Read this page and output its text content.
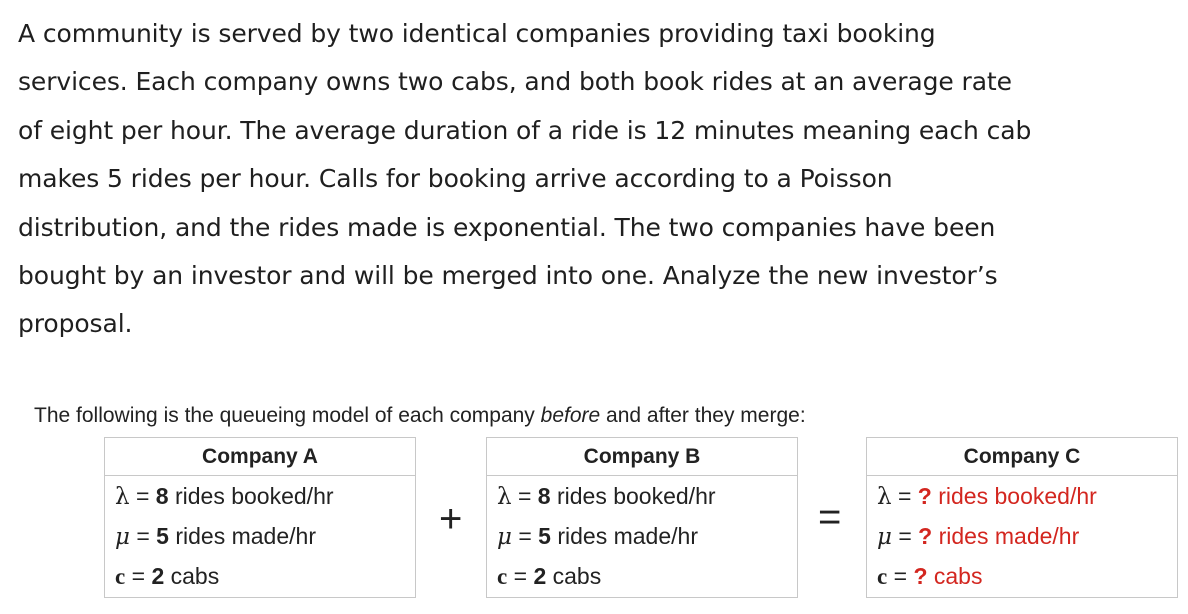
A community is served by two identical companies providing taxi booking
services. Each company owns two cabs, and both book rides at an average rate
of eight per hour. The average duration of a ride is 12 minutes meaning each cab
makes 5 rides per hour. Calls for booking arrive according to a Poisson
distribution, and the rides made is exponential. The two companies have been
bought by an investor and will be merged into one. Analyze the new investor’s
proposal.

The following is the queueing model of each company before and after they merge:
Company A
λ = 8 rides booked/hr
μ = 5 rides made/hr
c = 2 cabs
+
Company B
λ = 8 rides booked/hr
μ = 5 rides made/hr
c = 2 cabs
=
Company C
λ = ? rides booked/hr
μ = ? rides made/hr
c = ? cabs
